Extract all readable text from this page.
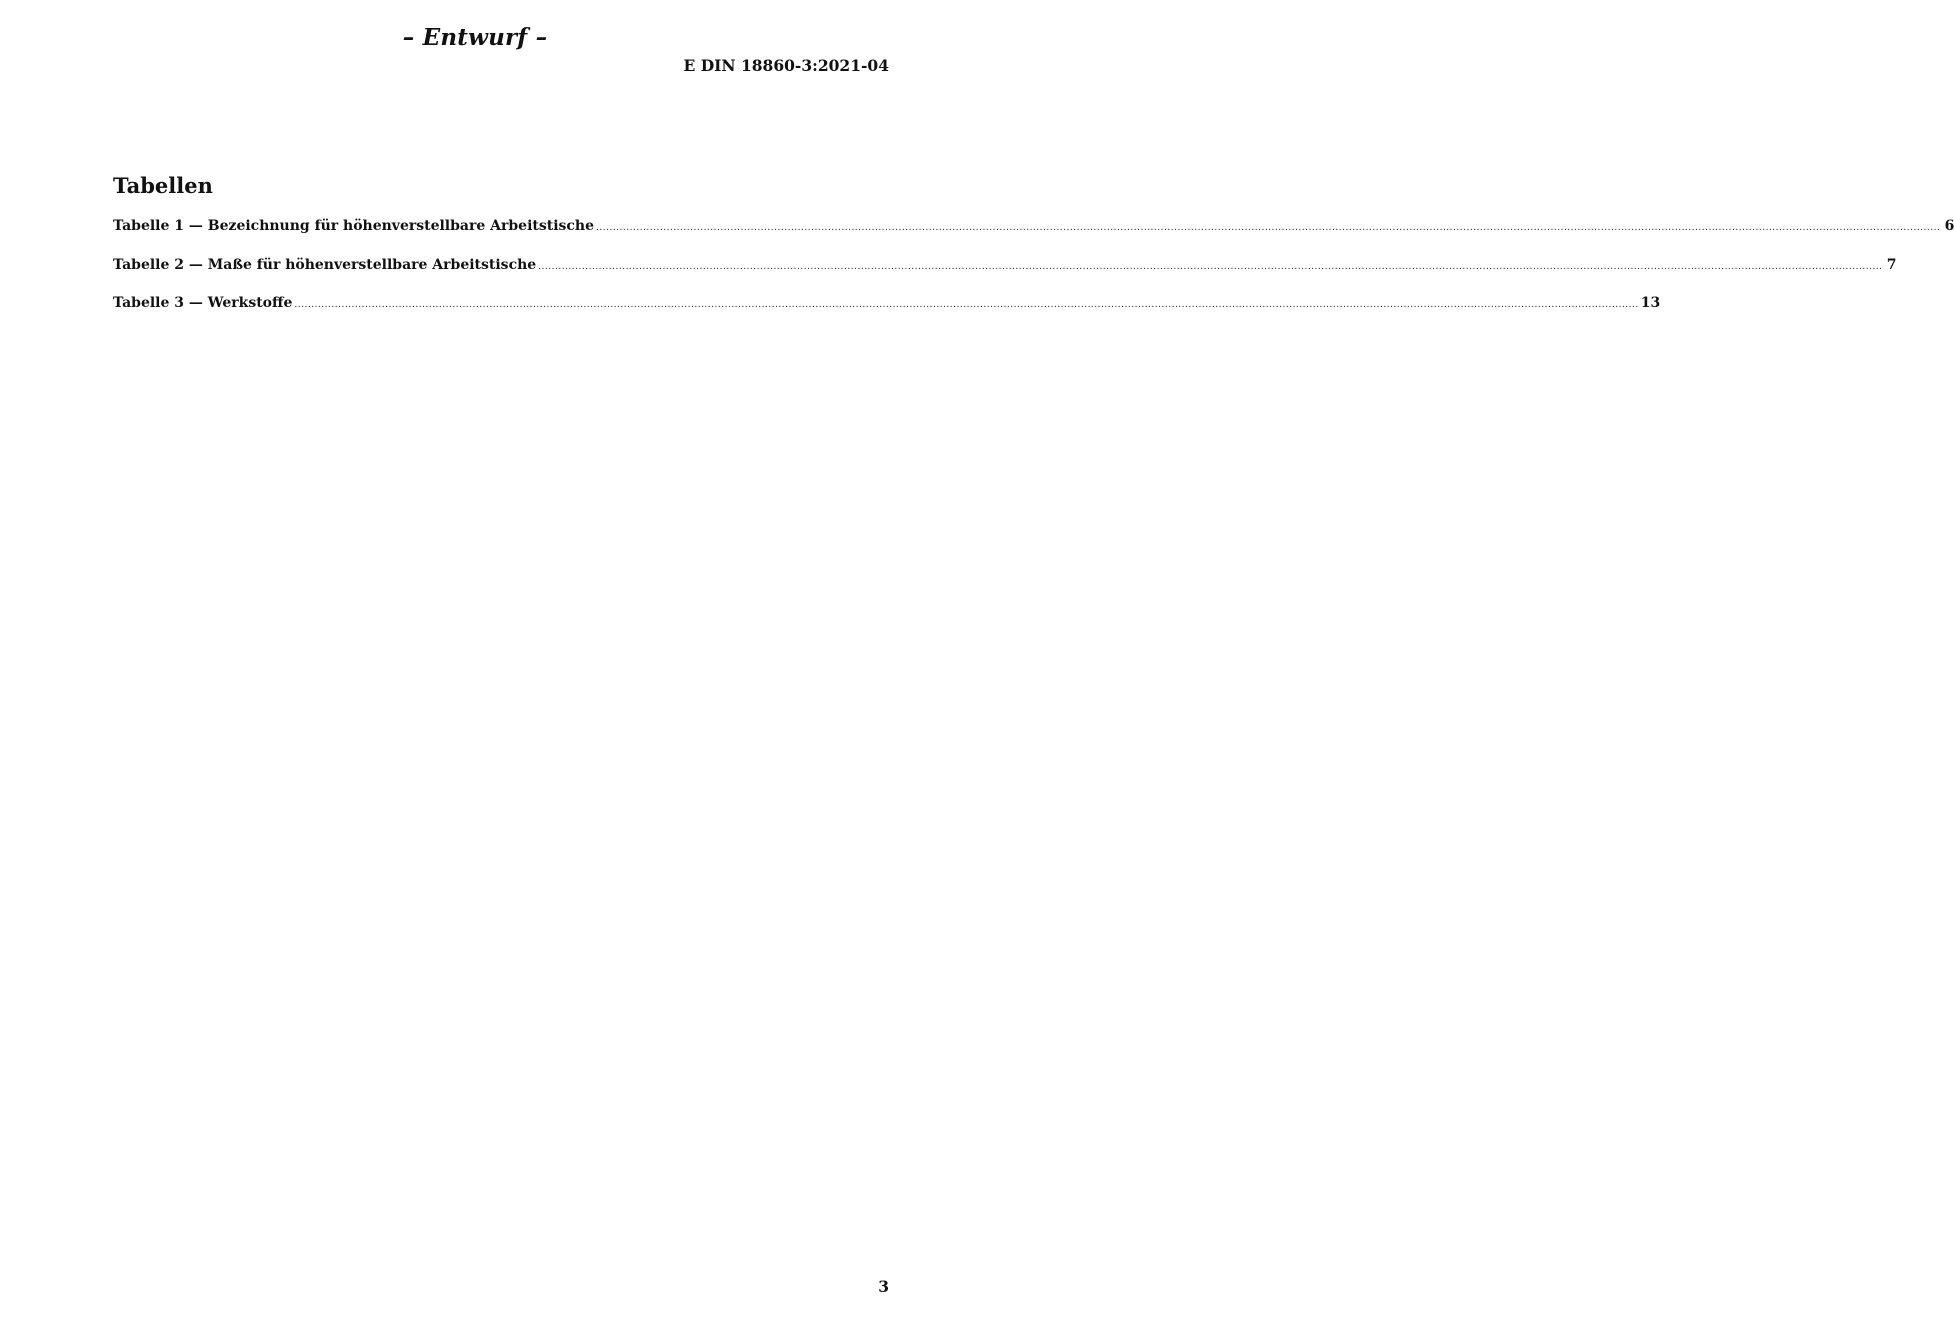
– Entwurf –
E DIN 18860-3:2021-04
Tabellen
Tabelle 1 — Bezeichnung für höhenverstellbare Arbeitstische ................................................................................................................................................................................................................................................................................................................................................................................................................ 6
Tabelle 2 — Maße für höhenverstellbare Arbeitstische ................................................................................................................................................................................................................................................................................................................................................................................................................ 7
Tabelle 3 — Werkstoffe ................................................................................................................................................................................................................................................................................................................................................................................................................ 13
3
